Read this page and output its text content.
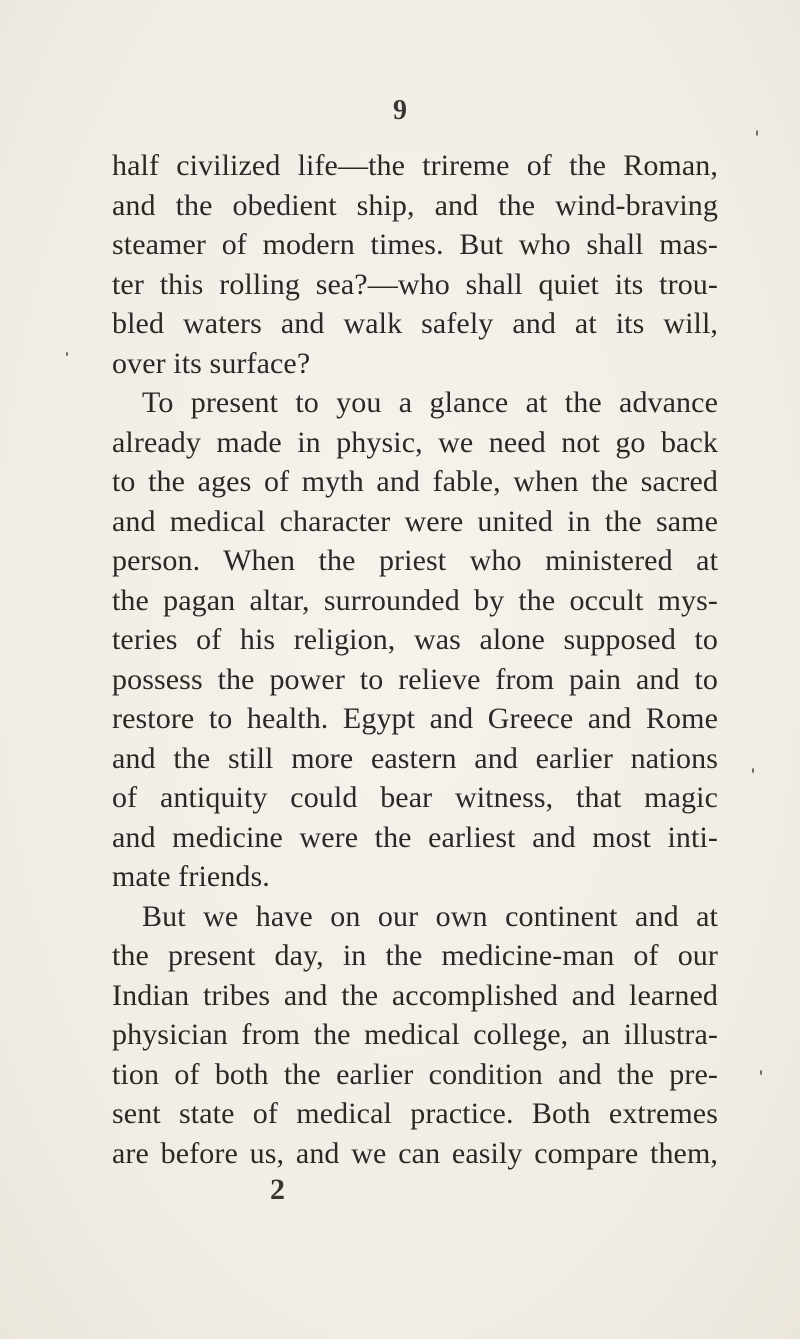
9
half civilized life—the trireme of the Roman,
and the obedient ship, and the wind-braving
steamer of modern times. But who shall mas-
ter this rolling sea?—who shall quiet its trou-
bled waters and walk safely and at its will,
over its surface?
To present to you a glance at the advance
already made in physic, we need not go back
to the ages of myth and fable, when the sacred
and medical character were united in the same
person. When the priest who ministered at
the pagan altar, surrounded by the occult mys-
teries of his religion, was alone supposed to
possess the power to relieve from pain and to
restore to health. Egypt and Greece and Rome
and the still more eastern and earlier nations
of antiquity could bear witness, that magic
and medicine were the earliest and most inti-
mate friends.
But we have on our own continent and at
the present day, in the medicine-man of our
Indian tribes and the accomplished and learned
physician from the medical college, an illustra-
tion of both the earlier condition and the pre-
sent state of medical practice. Both extremes
are before us, and we can easily compare them,
2
